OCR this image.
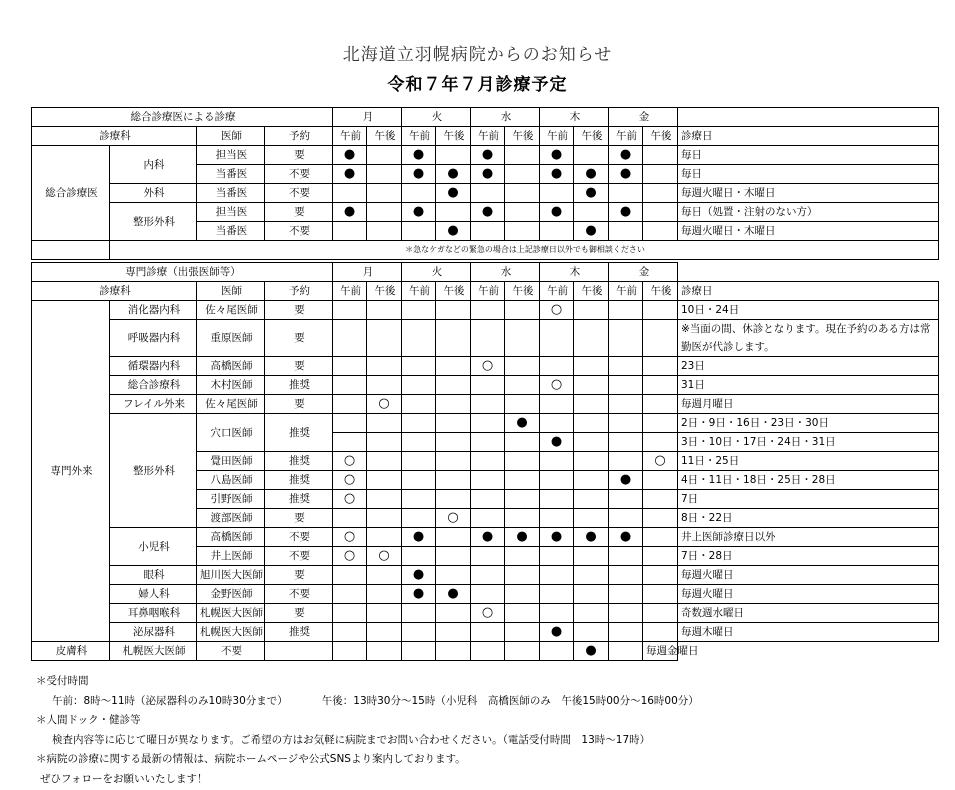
北海道立羽幌病院からのお知らせ
令和７年７月診療予定
総合診療医による診療				月		火		水		木		金		
診療科		医師	予約	午前	午後	午前	午後	午前	午後	午前	午後	午前	午後	診療日
総合診療医	内科	担当医	要	●		●		●		●		●		毎日
		当番医	不要	●		●	●	●		●	●	●		毎日
	外科	当番医	不要				●				●			毎週火曜日・木曜日
	整形外科	担当医	要	●		●		●		●		●		毎日（処置・注射のない方）
		当番医	不要				●				●			毎週火曜日・木曜日
	＊急なケガなどの緊急の場合は上記診療日以外でも御相談ください													
専門診療（出張医師等）				月		火		水		木		金		
診療科		医師	予約	午前	午後	午前	午後	午前	午後	午前	午後	午前	午後	診療日
専門外来	消化器内科	佐々尾医師	要							○				10日・24日
	呼吸器内科	重原医師	要											※当面の間、休診となります。現在予約のある方は常勤医が代診します。

	循環器内科	高橋医師	要					○						23日
	総合診療科	木村医師	推奨							○				31日
	フレイル外来	佐々尾医師	要		○									毎週月曜日
	整形外科	穴口医師	推奨						●					2日・9日・16日・23日・30日
										●				3日・10日・17日・24日・31日
		覺田医師	推奨	○									○	11日・25日
		八島医師	推奨	○								●		4日・11日・18日・25日・28日
		引野医師	推奨	○										7日
		渡部医師	要				○							8日・22日
	小児科	高橋医師	不要	○		●		●	●	●	●	●		井上医師診療日以外
		井上医師	不要	○	○									7日・28日
	眼科	旭川医大医師	要			●								毎週火曜日
	婦人科	金野医師	不要			●	●							毎週火曜日
	耳鼻咽喉科	札幌医大医師	要					○						奇数週水曜日
	泌尿器科	札幌医大医師	推奨							●				毎週木曜日
皮膚科	札幌医大医師	不要									●		毎週金曜日	
＊受付時間
午前：8時～11時（泌尿器科のみ10時30分まで）	午後：13時30分～15時（小児科　高橋医師のみ　午後15時00分～16時00分）
＊人間ドック・健診等
検査内容等に応じて曜日が異なります。ご希望の方はお気軽に病院までお問い合わせください。（電話受付時間　13時～17時）
＊病院の診療に関する最新の情報は、病院ホームページや公式SNSより案内しております。
ぜひフォローをお願いいたします！
